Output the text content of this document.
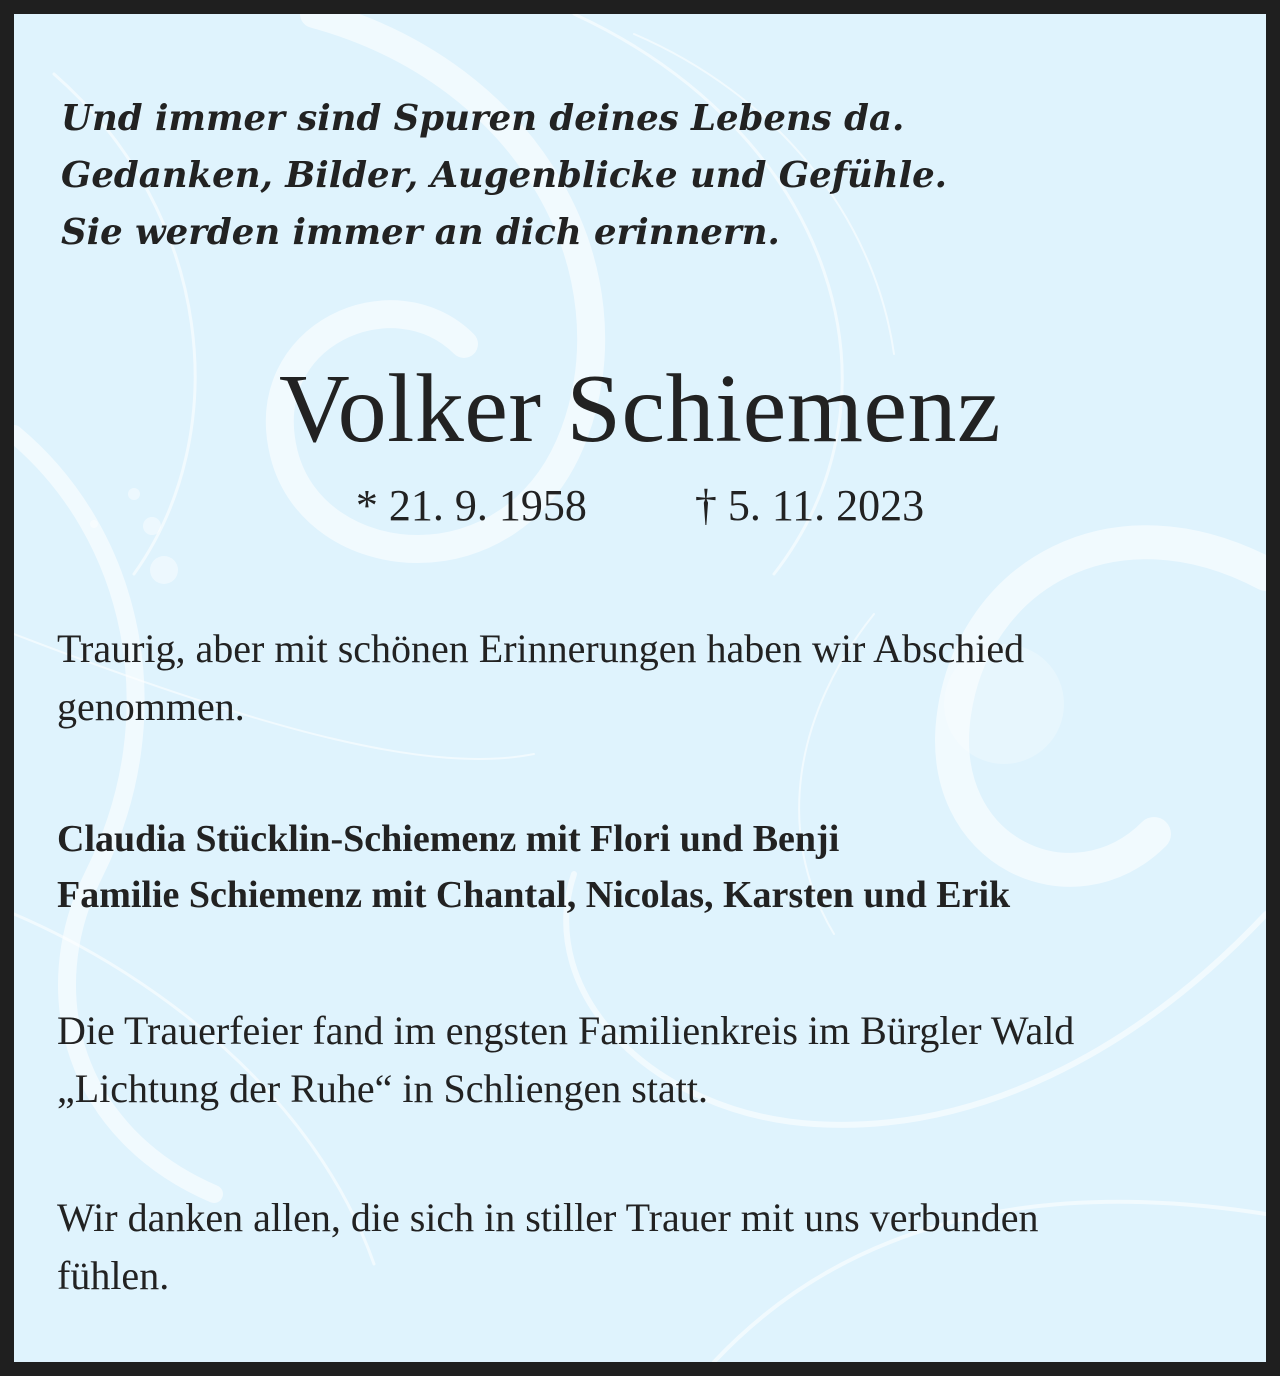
Und immer sind Spuren deines Lebens da.
Gedanken, Bilder, Augenblicke und Gefühle.
Sie werden immer an dich erinnern.
Volker Schiemenz
* 21. 9. 1958 † 5. 11. 2023
Traurig, aber mit schönen Erinnerungen haben wir Abschied
genommen.
Claudia Stücklin-Schiemenz mit Flori und Benji
Familie Schiemenz mit Chantal, Nicolas, Karsten und Erik
Die Trauerfeier fand im engsten Familienkreis im Bürgler Wald
„Lichtung der Ruhe“ in Schliengen statt.
Wir danken allen, die sich in stiller Trauer mit uns verbunden
fühlen.
